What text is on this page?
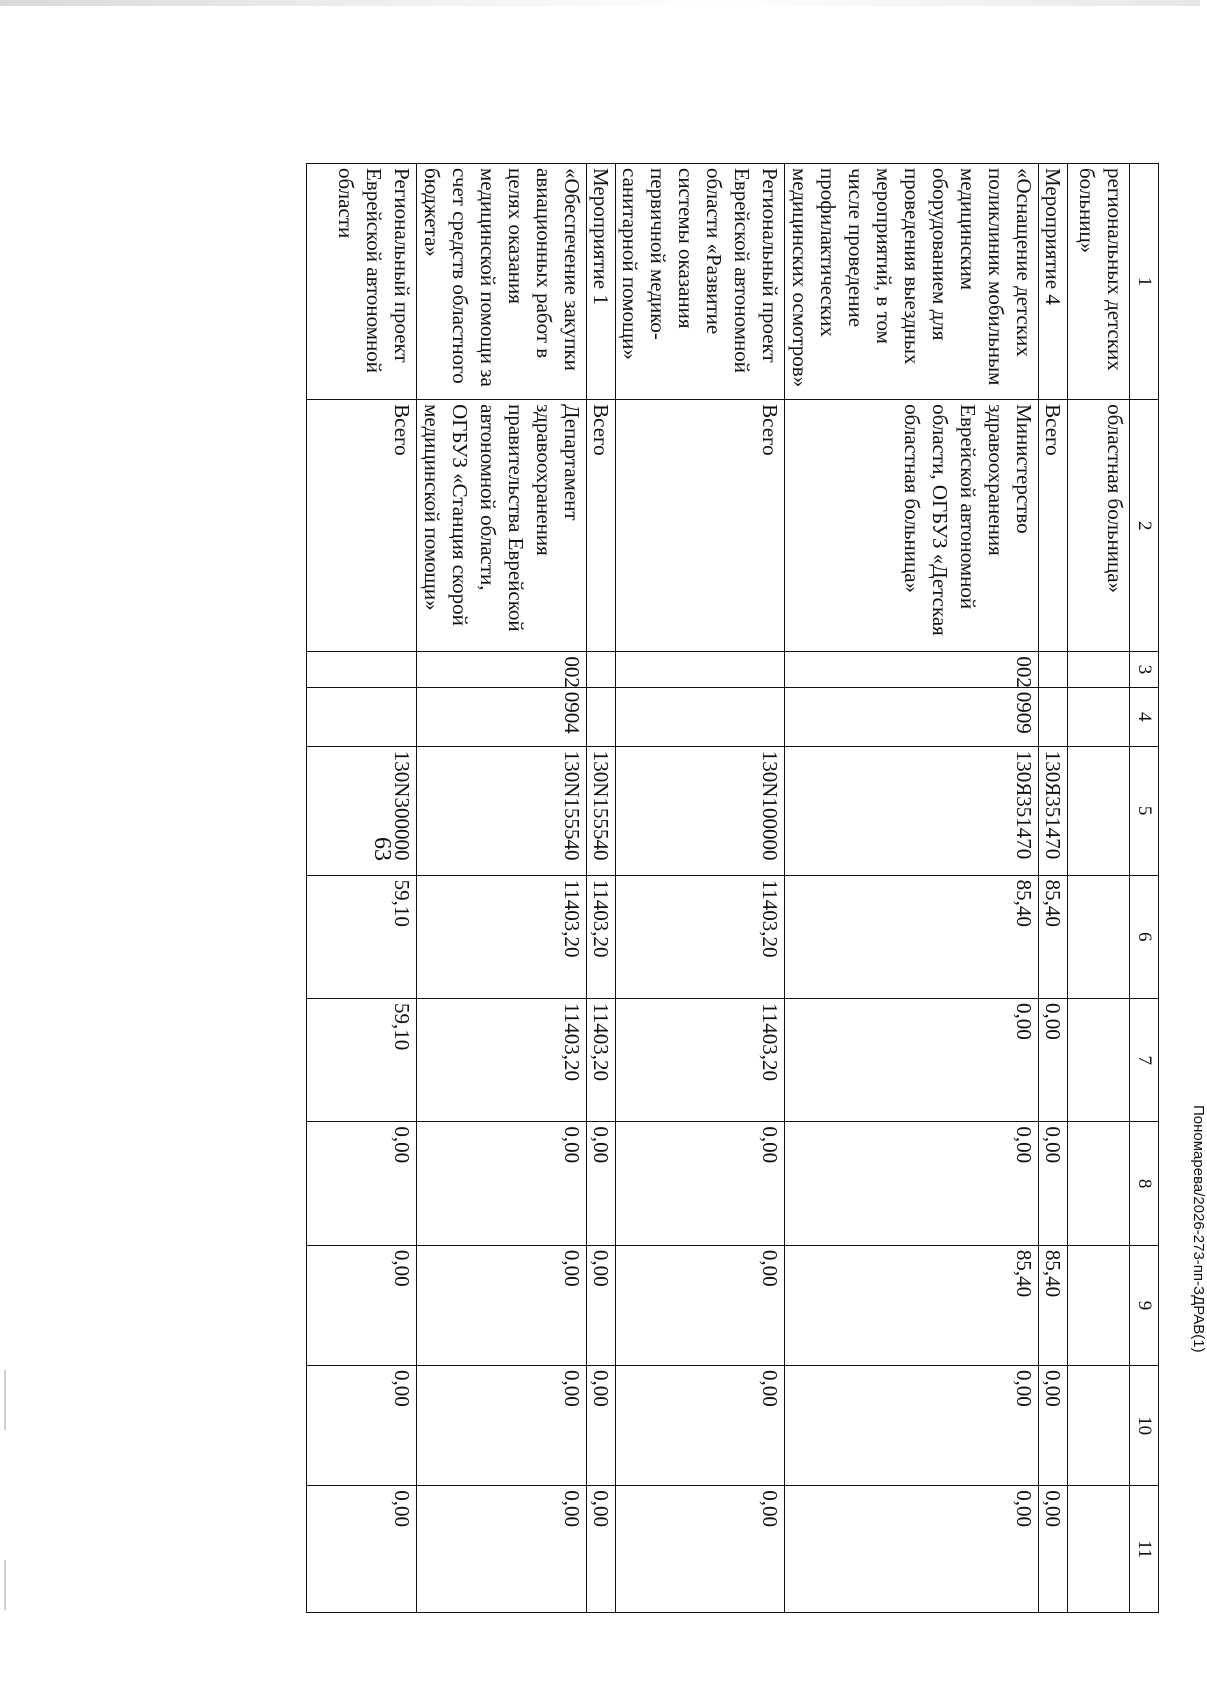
63
Пономарева/2026-273-пп-ЗДРАВ(1)
1	2	3	4	5	6	7	8	9	10	11
региональных детских больниц»	областная больница»									
Мероприятие 4	Всего			130Я351470	85,40	0,00	0,00	85,40	0,00	0,00
«Оснащение детских поликлиник мобильным медицинским оборудованием для проведения выездных мероприятий, в том числе проведение профилактических медицинских осмотров»	Министерство здравоохранения Еврейской автономной области, ОГБУЗ «Детская областная больница»	002	0909	130Я351470	85,40	0,00	0,00	85,40	0,00	0,00
Региональный проект Еврейской автономной области «Развитие системы оказания первичной медико-санитарной помощи»	Всего			130N100000	11403,20	11403,20	0,00	0,00	0,00	0,00
Мероприятие 1	Всего			130N155540	11403,20	11403,20	0,00	0,00	0,00	0,00
«Обеспечение закупки авиационных работ в целях оказания медицинской помощи за счет средств областного бюджета»	Департамент здравоохранения правительства Еврейской автономной области, ОГБУЗ «Станция скорой медицинской помощи»	002	0904	130N155540	11403,20	11403,20	0,00	0,00	0,00	0,00
Региональный проект Еврейской автономной области	Всего			130N300000	59,10	59,10	0,00	0,00	0,00	0,00
